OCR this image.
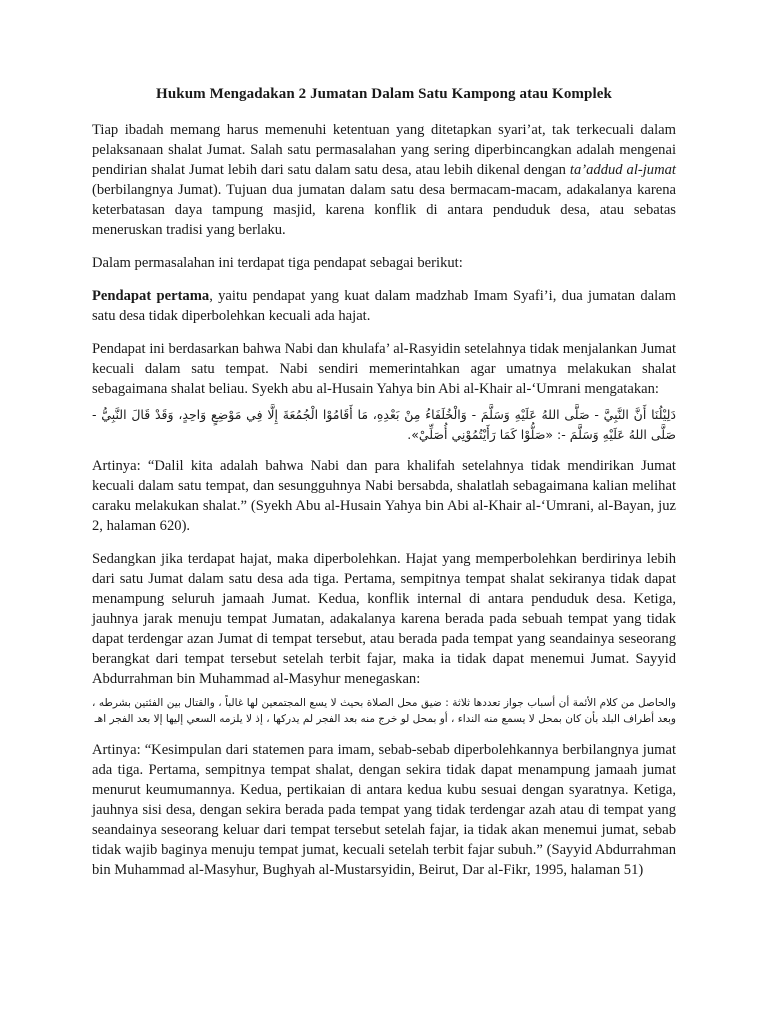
Hukum Mengadakan 2 Jumatan Dalam Satu Kampong atau Komplek

Tiap ibadah memang harus memenuhi ketentuan yang ditetapkan syari’at, tak terkecuali dalam pelaksanaan shalat Jumat. Salah satu permasalahan yang sering diperbincangkan adalah mengenai pendirian shalat Jumat lebih dari satu dalam satu desa, atau lebih dikenal dengan ta’addud al-jumat (berbilangnya Jumat). Tujuan dua jumatan dalam satu desa bermacam-macam, adakalanya karena keterbatasan daya tampung masjid, karena konflik di antara penduduk desa, atau sebatas meneruskan tradisi yang berlaku.

Dalam permasalahan ini terdapat tiga pendapat sebagai berikut:

Pendapat pertama, yaitu pendapat yang kuat dalam madzhab Imam Syafi’i, dua jumatan dalam satu desa tidak diperbolehkan kecuali ada hajat.

Pendapat ini berdasarkan bahwa Nabi dan khulafa’ al-Rasyidin setelahnya tidak menjalankan Jumat kecuali dalam satu tempat. Nabi sendiri memerintahkan agar umatnya melakukan shalat sebagaimana shalat beliau. Syekh abu al-Husain Yahya bin Abi al-Khair al-‘Umrani mengatakan:

دَلِيْلُنَا أَنَّ النَّبِيَّ - صَلَّى اللهُ عَلَيْهِ وَسَلَّمَ - وَالْخُلَفَاءُ مِنْ بَعْدِهِ، مَا أَقَامُوْا الْجُمُعَةَ إِلَّا فِي مَوْضِعٍ وَاحِدٍ، وَقَدْ قَالَ النَّبِيُّ - صَلَّى اللهُ عَلَيْهِ وَسَلَّمَ -: «صَلُّوْا كَمَا رَأَيْتُمُوْنِي أُصَلِّيْ».

Artinya: “Dalil kita adalah bahwa Nabi dan para khalifah setelahnya tidak mendirikan Jumat kecuali dalam satu tempat, dan sesungguhnya Nabi bersabda, shalatlah sebagaimana kalian melihat caraku melakukan shalat.” (Syekh Abu al-Husain Yahya bin Abi al-Khair al-‘Umrani, al-Bayan, juz 2, halaman 620).

Sedangkan jika terdapat hajat, maka diperbolehkan. Hajat yang memperbolehkan berdirinya lebih dari satu Jumat dalam satu desa ada tiga. Pertama, sempitnya tempat shalat sekiranya tidak dapat menampung seluruh jamaah Jumat. Kedua, konflik internal di antara penduduk desa. Ketiga, jauhnya jarak menuju tempat Jumatan, adakalanya karena berada pada sebuah tempat yang tidak dapat terdengar azan Jumat di tempat tersebut, atau berada pada tempat yang seandainya seseorang berangkat dari tempat tersebut setelah terbit fajar, maka ia tidak dapat menemui Jumat. Sayyid Abdurrahman bin Muhammad al-Masyhur menegaskan:

والحاصل من كلام الأئمة أن أسباب جواز تعددها ثلاثة : ضيق محل الصلاة بحيث لا يسع المجتمعين لها غالباً ، والقتال بين الفئتين بشرطه ، وبعد أطراف البلد بأن كان بمحل لا يسمع منه النداء ، أو بمحل لو خرج منه بعد الفجر لم يدركها ، إذ لا يلزمه السعي إليها إلا بعد الفجر اهـ

Artinya: “Kesimpulan dari statemen para imam, sebab-sebab diperbolehkannya berbilangnya jumat ada tiga. Pertama, sempitnya tempat shalat, dengan sekira tidak dapat menampung jamaah jumat menurut keumumannya. Kedua, pertikaian di antara kedua kubu sesuai dengan syaratnya. Ketiga, jauhnya sisi desa, dengan sekira berada pada tempat yang tidak terdengar azah atau di tempat yang seandainya seseorang keluar dari tempat tersebut setelah fajar, ia tidak akan menemui jumat, sebab tidak wajib baginya menuju tempat jumat, kecuali setelah terbit fajar subuh.” (Sayyid Abdurrahman bin Muhammad al-Masyhur, Bughyah al-Mustarsyidin, Beirut, Dar al-Fikr, 1995, halaman 51)
